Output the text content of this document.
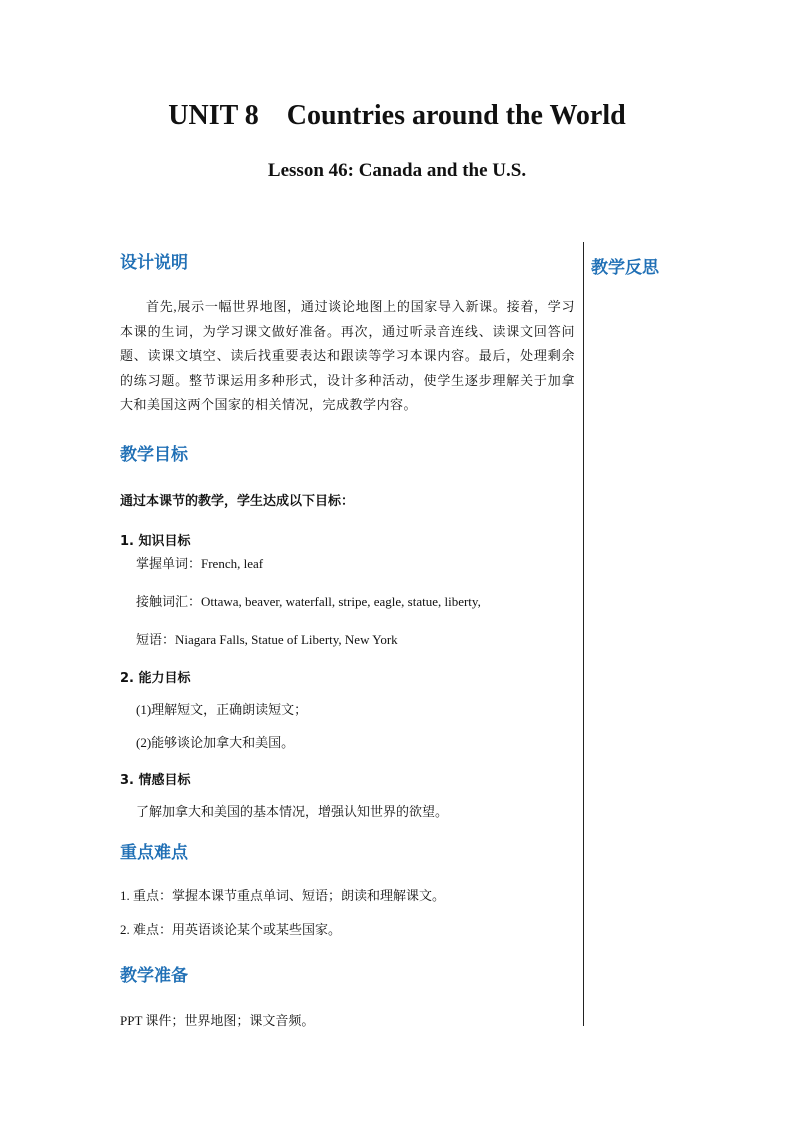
UNIT 8    Countries around the World
Lesson 46: Canada and the U.S.
设计说明

首先,展示一幅世界地图，通过谈论地图上的国家导入新课。接着，学习本课的生词，为学习课文做好准备。再次，通过听录音连线、读课文回答问题、读课文填空、读后找重要表达和跟读等学习本课内容。最后，处理剩余的练习题。整节课运用多种形式，设计多种活动，使学生逐步理解关于加拿大和美国这两个国家的相关情况，完成教学内容。

教学目标
通过本课节的教学，学生达成以下目标：
1. 知识目标
掌握单词：French, leaf
接触词汇：Ottawa, beaver, waterfall, stripe, eagle, statue, liberty,
短语：Niagara Falls, Statue of Liberty, New York
2. 能力目标
(1)理解短文，正确朗读短文；
(2)能够谈论加拿大和美国。
3. 情感目标
了解加拿大和美国的基本情况，增强认知世界的欲望。
重点难点
1. 重点：掌握本课节重点单词、短语；朗读和理解课文。
2. 难点：用英语谈论某个或某些国家。
教学准备
PPT 课件；世界地图；课文音频。
教学反思
